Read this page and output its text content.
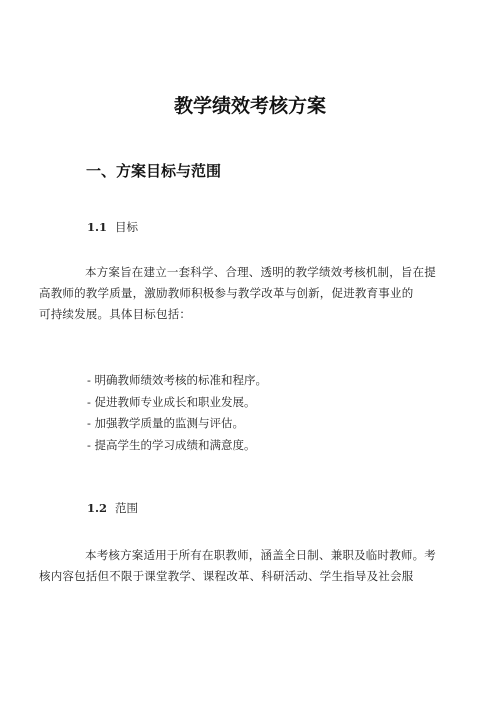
教学绩效考核方案
一、方案目标与范围
1.1 目标

本方案旨在建立一套科学、合理、透明的教学绩效考核机制，旨在提
高教师的教学质量，激励教师积极参与教学改革与创新，促进教育事业的
可持续发展。具体目标包括：

- 明确教师绩效考核的标准和程序。
- 促进教师专业成长和职业发展。
- 加强教学质量的监测与评估。
- 提高学生的学习成绩和满意度。
1.2 范围

本考核方案适用于所有在职教师，涵盖全日制、兼职及临时教师。考
核内容包括但不限于课堂教学、课程改革、科研活动、学生指导及社会服
